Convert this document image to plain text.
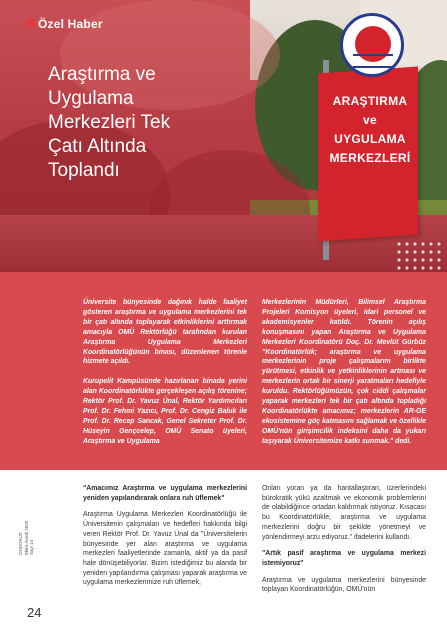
Özel Haber
Araştırma ve
Uygulama
Merkezleri Tek
Çatı Altında
Toplandı
ARAŞTIRMA
ve
UYGULAMA
MERKEZLERİ

Üniversite bünyesinde dağınık halde faaliyet gösteren araştırma ve uygulama merkezlerini tek bir çatı altında toplayarak etkinliklerini arttırmak amacıyla OMÜ Rektörlüğü tarafından kurulan Araştırma Uygulama Merkezleri Koordinatörlüğünün binası, düzenlenen törenle hizmete açıldı.

Kurupelit Kampüsünde hazırlanan binada yerini alan Koordinatörlükte gerçekleşen açılış törenine; Rektör Prof. Dr. Yavuz Ünal, Rektör Yardımcıları Prof. Dr. Fehmi Yazıcı, Prof. Dr. Cengiz Baluk ile Prof. Dr. Recep Sancak, Genel Sekreter Prof. Dr. Hüseyin Gençcelep, OMÜ Senato üyeleri, Araştırma ve Uygulama

Merkezlerinin Müdürleri, Bilimsel Araştırma Projeleri Komisyon üyeleri, idari personel ve akademisyenler katıldı. Törenin açılış konuşmasını yapan Araştırma ve Uygulama Merkezleri Koordinatörü Doç. Dr. Mevlüt Gürbüz "Koordinatörlük; araştırma ve uygulama merkezlerinin proje çalışmalarını birlikte yürütmesi, etkinlik ve yetkinliklerinin artması ve merkezlerin ortak bir sinerji yaratmaları hedefiyle kuruldu. Rektörlüğümüzün, çok ciddi çalışmalar yaparak merkezleri tek bir çatı altında topladığı Koordinatörlükte amacımız; merkezlerin AR-GE ekosistemine göç katmasını sağlamak ve özellikle OMÜ'nün girişimcilik indeksini daha da yukarı taşıyarak Üniversitemize katkı sunmak." dedi.

"Amacımız Araştırma ve uygulama merkezlerini yeniden yapılandırarak onlara ruh üflemek"

Araştırma Uygulama Merkezleri Koordinatörlüğü ile Üniversitenin çalışmaları ve hedefleri hakkında bilgi veren Rektör Prof. Dr. Yavuz Ünal da "Üniversitelerin bünyesinde yer alan araştırma ve uygulama merkezleri faaliyetlerinde zamanla, aktif ya da pasif hale dönüşebiliyorlar. Bizim istediğimiz bu alanda bir yeniden yapılandırma çalışması yaparak araştırma ve uygulama merkezlerimize ruh üflemek,

Onları yoran ya da hantallaştıran, üzerlerindeki bürokratik yükü azaltmak ve ekonomik problemlerini de olabildiğince ortadan kaldırmak istiyoruz. Kısacası bu Koordinatörlükle, araştırma ve uygulama merkezlerini doğru bir şekilde yönetmeyi ve yönlendirmeyi arzu ediyoruz." ifadelerini kullandı.

"Artık pasif araştırma ve uygulama merkezi istemiyoruz"

Araştırma ve uygulama merkezlerini bünyesinde toplayan Koordinatörlüğün, OMÜ'nün

ONDOKUZ Ekim-Aralık 2020 Sayı 14
24
